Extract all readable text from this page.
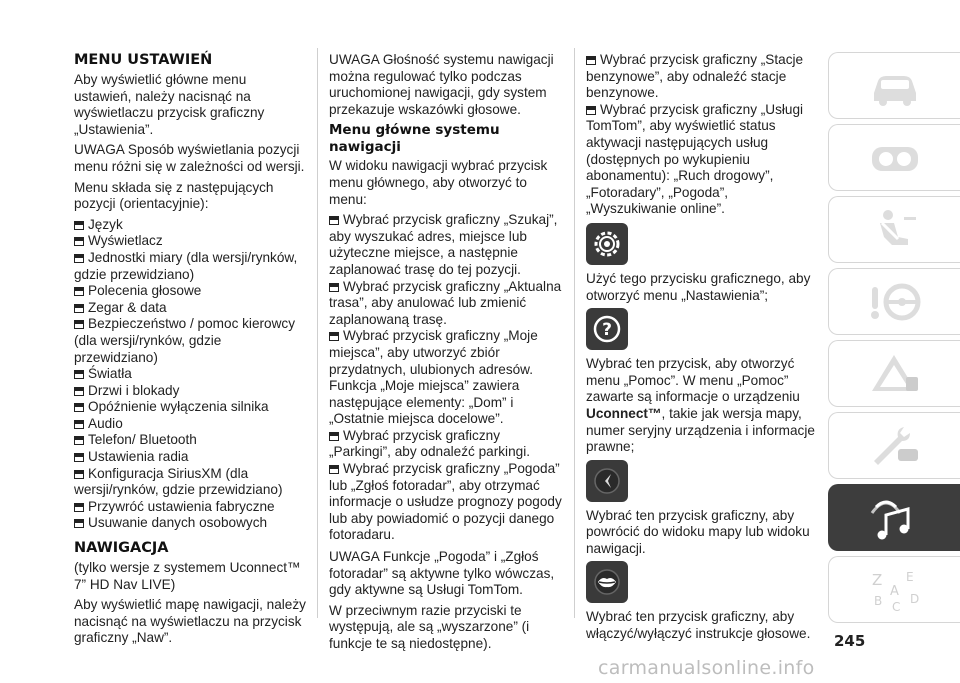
MENU USTAWIEŃ

Aby wyświetlić główne menu ustawień, należy nacisnąć na wyświetlaczu przycisk graficzny „Ustawienia”.

UWAGA Sposób wyświetlania pozycji menu różni się w zależności od wersji.

Menu składa się z następujących pozycji (orientacyjnie):

Język
Wyświetlacz
Jednostki miary (dla wersji/rynków, gdzie przewidziano)
Polecenia głosowe
Zegar & data
Bezpieczeństwo / pomoc kierowcy (dla wersji/rynków, gdzie przewidziano)
Światła
Drzwi i blokady
Opóźnienie wyłączenia silnika
Audio
Telefon/ Bluetooth
Ustawienia radia
Konfiguracja SiriusXM (dla wersji/rynków, gdzie przewidziano)
Przywróć ustawienia fabryczne
Usuwanie danych osobowych
NAWIGACJA

(tylko wersje z systemem Uconnect™ 7” HD Nav LIVE)

Aby wyświetlić mapę nawigacji, należy nacisnąć na wyświetlaczu na przycisk graficzny „Naw”.

UWAGA Głośność systemu nawigacji można regulować tylko podczas uruchomionej nawigacji, gdy system przekazuje wskazówki głosowe.

Menu główne systemu nawigacji

W widoku nawigacji wybrać przycisk menu głównego, aby otworzyć to menu:

Wybrać przycisk graficzny „Szukaj”, aby wyszukać adres, miejsce lub użyteczne miejsce, a następnie zaplanować trasę do tej pozycji.
Wybrać przycisk graficzny „Aktualna trasa”, aby anulować lub zmienić zaplanowaną trasę.
Wybrać przycisk graficzny „Moje miejsca”, aby utworzyć zbiór przydatnych, ulubionych adresów. Funkcja „Moje miejsca” zawiera następujące elementy: „Dom” i „Ostatnie miejsca docelowe”.
Wybrać przycisk graficzny „Parkingi”, aby odnaleźć parkingi.
Wybrać przycisk graficzny „Pogoda” lub „Zgłoś fotoradar”, aby otrzymać informacje o usłudze prognozy pogody lub aby powiadomić o pozycji danego fotoradaru.

UWAGA Funkcje „Pogoda” i „Zgłoś fotoradar” są aktywne tylko wówczas, gdy aktywne są Usługi TomTom.

W przeciwnym razie przyciski te występują, ale są „wyszarzone” (i funkcje te są niedostępne).

Wybrać przycisk graficzny „Stacje benzynowe”, aby odnaleźć stacje benzynowe.
Wybrać przycisk graficzny „Usługi TomTom”, aby wyświetlić status aktywacji następujących usług (dostępnych po wykupieniu abonamentu): „Ruch drogowy”, „Fotoradary”, „Pogoda”, „Wyszukiwanie online”.

Użyć tego przycisku graficznego, aby otworzyć menu „Nastawienia”;

?

Wybrać ten przycisk, aby otworzyć menu „Pomoc”. W menu „Pomoc” zawarte są informacje o urządzeniu Uconnect™, takie jak wersja mapy, numer seryjny urządzenia i informacje prawne;

Wybrać ten przycisk graficzny, aby powrócić do widoku mapy lub widoku nawigacji.

Wybrać ten przycisk graficzny, aby włączyć/wyłączyć instrukcje głosowe.

Z E
B C
D
A
245
carmanualsonline.info
